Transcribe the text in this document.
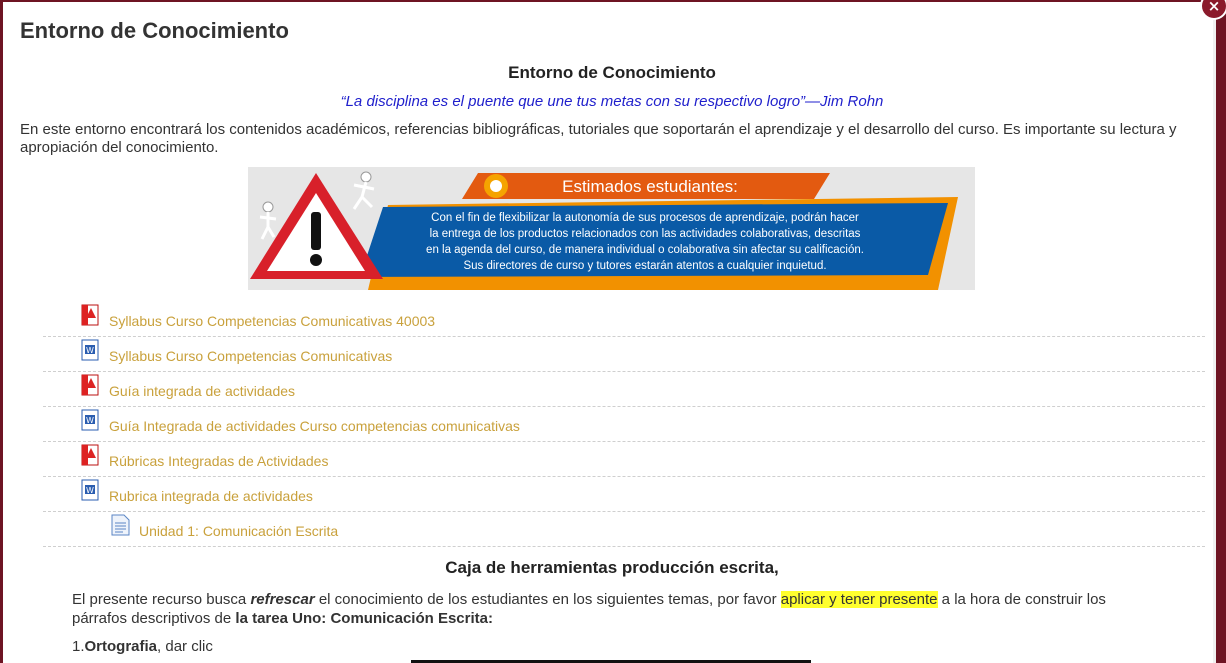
Entorno de Conocimiento
Entorno de Conocimiento

“La disciplina es el puente que une tus metas con su respectivo logro”—Jim Rohn

En este entorno encontrará los contenidos académicos, referencias bibliográficas, tutoriales que soportarán el aprendizaje y el desarrollo del curso. Es importante su lectura y apropiación del conocimiento.

Estimados estudiantes:
Con el fin de flexibilizar la autonomía de sus procesos de aprendizaje, podrán hacer
la entrega de los productos relacionados con las actividades colaborativas, descritas
en la agenda del curso, de manera individual o colaborativa sin afectar su calificación.
Sus directores de curso y tutores estarán atentos a cualquier inquietud.
Syllabus Curso Competencias Comunicativas 40003
W Syllabus Curso Competencias Comunicativas
Guía integrada de actividades
W Guía Integrada de actividades Curso competencias comunicativas
Rúbricas Integradas de Actividades
W Rubrica integrada de actividades
Unidad 1: Comunicación Escrita
Caja de herramientas producción escrita,

El presente recurso busca refrescar el conocimiento de los estudiantes en los siguientes temas, por favor aplicar y tener presente a la hora de construir los párrafos descriptivos de la tarea Uno: Comunicación Escrita:

1.Ortografia, dar clic

×
